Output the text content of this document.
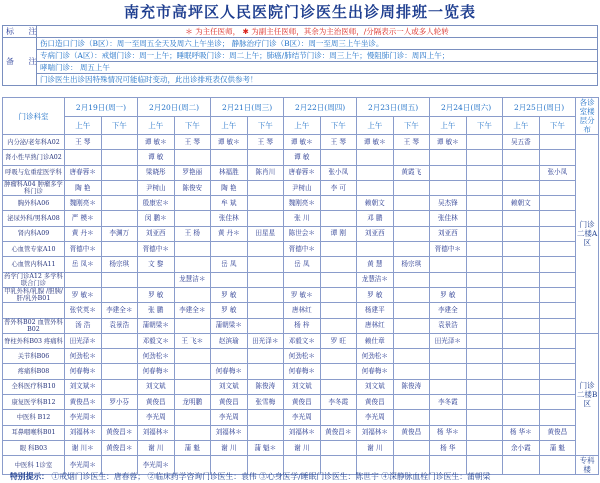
南充市高坪区人民医院门诊医生出诊周排班一览表
标 注	＊ 为主任医师， ✱ 为副主任医师，其余为主治医师，/分隔表示一人或多人轮转
备 注	伤口造口门诊（B区）：周一至周五全天及周六上午坐诊； 静脉治疗门诊（B区）：周一至周三上午坐诊。
	专病门诊（A区）：戒烟门诊：周一上午；睡眠呼吸门诊：周二上午；肺癌/肺结节门诊：周三上午；慢阻肺门诊：周四上午；
	哮喘门诊： 周五上午
	门诊医生出诊因特殊情况可能临时变动，此出诊排班表仅供参考！
门诊科室	2月19日(周一)		2月20日(周二)		2月21日(周三)		2月22日(周四)		2月23日(周五)		2月24日(周六)		2月25日(周日)		各诊室楼层分布
	上午	下午	上午	下午	上午	下午	上午	下午	上午	下午	上午	下午	上午	下午	
内分泌/老年科A02	王 琴		谭 敏＊	王 琴	谭 敏＊	王 琴	谭 敏＊	王 琴	谭 敏＊	王 琴	谭 敏＊		吴五香		门诊二楼A区
肾小性早熟门诊A02			谭 敏				谭 敏								
呼吸与危重症医学科	唐春蓉＊		梁晓彤	罗艳丽	林福胜	陈肖川	唐春蓉＊	张小凤		黄霞飞				张小凤	
肿瘤科A04 肿瘤多学科门诊	陶 艳		尹树山	陈俊安	陶 艳		尹树山	李 可							
胸外科A06	魏刚亮＊		殷康宏＊		牟 斌		魏刚亮＊		赖朝文		吴杰锋		赖朝文		
泌尿外科/男科A08	严 模＊		闵 鹏＊		张佳林		张 川		邓 鹏		张佳林				
肾内科A09	黄 丹＊	李渊万	刘亚西	王 杨	黄 丹＊	田星星	陈世会＊	谭 刚	刘亚西		刘亚西				
心血管专家A10	胥德中＊		胥德中＊				胥德中＊				胥德中＊				
心血管内科A11	岳 凤＊	杨宗琪	文 黎		岳 凤		岳 凤		黄 慧	杨宗琪					
药学门诊A12 多学科联合门诊				龙慧洁＊					龙慧洁＊						
甲乳外科/乳腺 /胆胰/肝/乳外B01	罗 敏＊		罗 敏		罗 敏		罗 敏＊		罗 敏		罗 敏				
	张茕英＊	李建全＊	张 鹏	李建全＊	罗 敏		唐林红		杨建平		李建全				
普外科B02 血管外科B02	汤 浩	袁景浩	蒲朝梁＊		蒲朝梁＊		杨 梓		唐林红		袁景浩				
脊柱外科B03 疼痛科	田光泽＊		邓毅文＊	王 飞＊	赵滨瑜	田光泽＊	邓毅文＊	罗 旺	赖仕章		田光泽＊				门诊二楼B区
关节科B06	何劲松＊		何劲松＊				何劲松＊		何劲松＊						
疼痛科B08	何春梅＊		何春梅＊		何春梅＊		何春梅＊		何春梅＊						
全科医疗科B10	刘文斌＊		刘文斌		刘文斌	陈俊涛	刘文斌		刘文斌	陈俊涛					
康复医学科B12	黄俊昌＊	罗小芬	黄俊昌	龙明鹏	黄俊昌	张雪梅	黄俊昌	李冬霞	黄俊昌		李冬霞				
中医科 B12	李光周＊		李光周		李光周		李光周		李光周						
耳鼻咽喉科B01	刘福林＊	黄俊昌＊	刘福林＊		刘福林＊		刘福林＊	黄俊昌＊	刘福林＊	黄俊昌	杨 华＊		杨 华＊	黄俊昌	
眼 科B03	谢 川＊	黄俊昌＊	谢 川	蒲 魁	谢 川	蒲 魁＊	谢 川		谢 川		杨 华		余小霞	蒲 魁	
中医科 1诊室	李光周＊		李光周＊												专科楼
特别提示： ①戒烟门诊医生：唐春蓉； ②临床药学咨询门诊医生：袁伟 ③心身医学/睡眠门诊医生：陈世宇 ④深静脉血栓门诊医生：蒲朝梁
